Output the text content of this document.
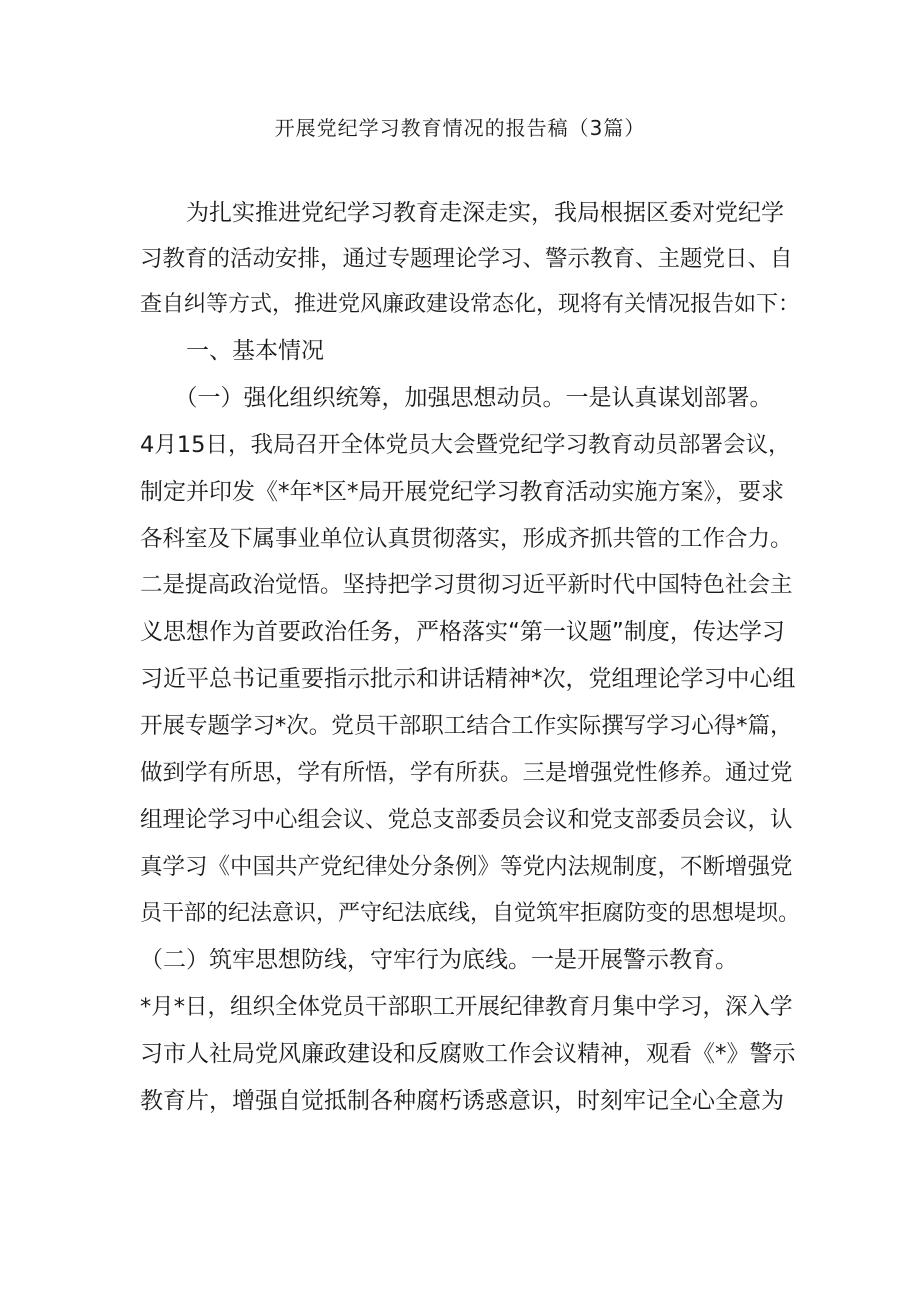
开展党纪学习教育情况的报告稿（3篇）
　　为扎实推进党纪学习教育走深走实，我局根据区委对党纪学
习教育的活动安排，通过专题理论学习、警示教育、主题党日、自
查自纠等方式，推进党风廉政建设常态化，现将有关情况报告如下：
　　一、基本情况
　　（一）强化组织统筹，加强思想动员。一是认真谋划部署。
4月15日，我局召开全体党员大会暨党纪学习教育动员部署会议，
制定并印发《*年*区*局开展党纪学习教育活动实施方案》，要求
各科室及下属事业单位认真贯彻落实，形成齐抓共管的工作合力。
二是提高政治觉悟。坚持把学习贯彻习近平新时代中国特色社会主
义思想作为首要政治任务，严格落实“第一议题”制度，传达学习
习近平总书记重要指示批示和讲话精神*次，党组理论学习中心组
开展专题学习*次。党员干部职工结合工作实际撰写学习心得*篇，
做到学有所思，学有所悟，学有所获。三是增强党性修养。通过党
组理论学习中心组会议、党总支部委员会议和党支部委员会议，认
真学习《中国共产党纪律处分条例》等党内法规制度，不断增强党
员干部的纪法意识，严守纪法底线，自觉筑牢拒腐防变的思想堤坝。
（二）筑牢思想防线，守牢行为底线。一是开展警示教育。
*月*日，组织全体党员干部职工开展纪律教育月集中学习，深入学
习市人社局党风廉政建设和反腐败工作会议精神，观看《*》警示
教育片，增强自觉抵制各种腐朽诱惑意识，时刻牢记全心全意为
